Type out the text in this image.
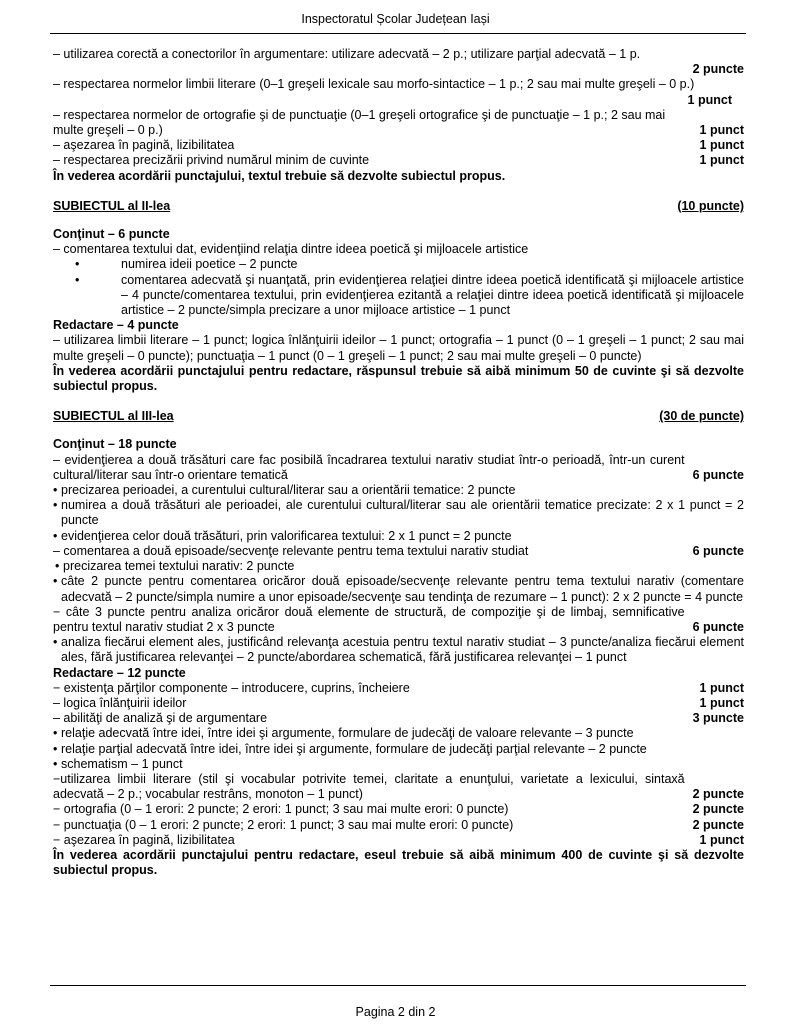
Inspectoratul Școlar Județean Iași
– utilizarea corectă a conectorilor în argumentare: utilizare adecvată – 2 p.; utilizare parţial adecvată – 1 p.
2 puncte
– respectarea normelor limbii literare (0–1 greşeli lexicale sau morfo-sintactice – 1 p.; 2 sau mai multe greşeli – 0 p.)
1 punct
– respectarea normelor de ortografie şi de punctuaţie (0–1 greşeli ortografice şi de punctuaţie – 1 p.; 2 sau mai multe greşeli – 0 p.)	1 punct
– aşezarea în pagină, lizibilitatea	1 punct
– respectarea precizării privind numărul minim de cuvinte	1 punct
În vederea acordării punctajului, textul trebuie să dezvolte subiectul propus.
SUBIECTUL al II-lea	(10 puncte)
Conţinut – 6 puncte
– comentarea textului dat, evidenţiind relaţia dintre ideea poetică şi mijloacele artistice
•	numirea ideii poetice – 2 puncte
•	comentarea adecvată şi nuanţată, prin evidenţierea relaţiei dintre ideea poetică identificată şi mijloacele artistice – 4 puncte/comentarea textului, prin evidenţierea ezitantă a relaţiei dintre ideea poetică identificată şi mijloacele artistice – 2 puncte/simpla precizare a unor mijloace artistice – 1 punct
Redactare – 4 puncte
– utilizarea limbii literare – 1 punct; logica înlănţuirii ideilor – 1 punct; ortografia – 1 punct (0 – 1 greşeli – 1 punct; 2 sau mai multe greşeli – 0 puncte); punctuaţia – 1 punct (0 – 1 greşeli – 1 punct; 2 sau mai multe greşeli – 0 puncte)
În vederea acordării punctajului pentru redactare, răspunsul trebuie să aibă minimum 50 de cuvinte şi să dezvolte subiectul propus.
SUBIECTUL al III-lea	(30 de puncte)
Conţinut – 18 puncte
– evidenţierea a două trăsături care fac posibilă încadrarea textului narativ studiat într-o perioadă, într-un curent cultural/literar sau într-o orientare tematică	6 puncte
• precizarea perioadei, a curentului cultural/literar sau a orientării tematice: 2 puncte
• numirea a două trăsături ale perioadei, ale curentului cultural/literar sau ale orientării tematice precizate: 2 x 1 punct = 2 puncte
• evidenţierea celor două trăsături, prin valorificarea textului: 2 x 1 punct = 2 puncte
– comentarea a două episoade/secvenţe relevante pentru tema textului narativ studiat	6 puncte
• precizarea temei textului narativ: 2 puncte
• câte 2 puncte pentru comentarea oricăror două episoade/secvenţe relevante pentru tema textului narativ (comentare adecvată – 2 puncte/simpla numire a unor episoade/secvenţe sau tendinţa de rezumare – 1 punct): 2 x 2 puncte = 4 puncte
− câte 3 puncte pentru analiza oricăror două elemente de structură, de compoziţie şi de limbaj, semnificative pentru textul narativ studiat 2 x 3 puncte	6 puncte
• analiza fiecărui element ales, justificând relevanţa acestuia pentru textul narativ studiat – 3 puncte/analiza fiecărui element ales, fără justificarea relevanţei – 2 puncte/abordarea schematică, fără justificarea relevanţei – 1 punct
Redactare – 12 puncte
− existenţa părţilor componente – introducere, cuprins, încheiere	1 punct
– logica înlănţuirii ideilor	1 punct
– abilităţi de analiză şi de argumentare	3 puncte
• relaţie adecvată între idei, între idei şi argumente, formulare de judecăţi de valoare relevante – 3 puncte
• relaţie parţial adecvată între idei, între idei şi argumente, formulare de judecăţi parţial relevante – 2 puncte
• schematism – 1 punct
−utilizarea limbii literare (stil şi vocabular potrivite temei, claritate a enunţului, varietate a lexicului, sintaxă adecvată – 2 p.; vocabular restrâns, monoton – 1 punct)	2 puncte
− ortografia (0 – 1 erori: 2 puncte; 2 erori: 1 punct; 3 sau mai multe erori: 0 puncte)	2 puncte
− punctuaţia (0 – 1 erori: 2 puncte; 2 erori: 1 punct; 3 sau mai multe erori: 0 puncte)	2 puncte
− aşezarea în pagină, lizibilitatea	1 punct
În vederea acordării punctajului pentru redactare, eseul trebuie să aibă minimum 400 de cuvinte şi să dezvolte subiectul propus.
Pagina 2 din 2
